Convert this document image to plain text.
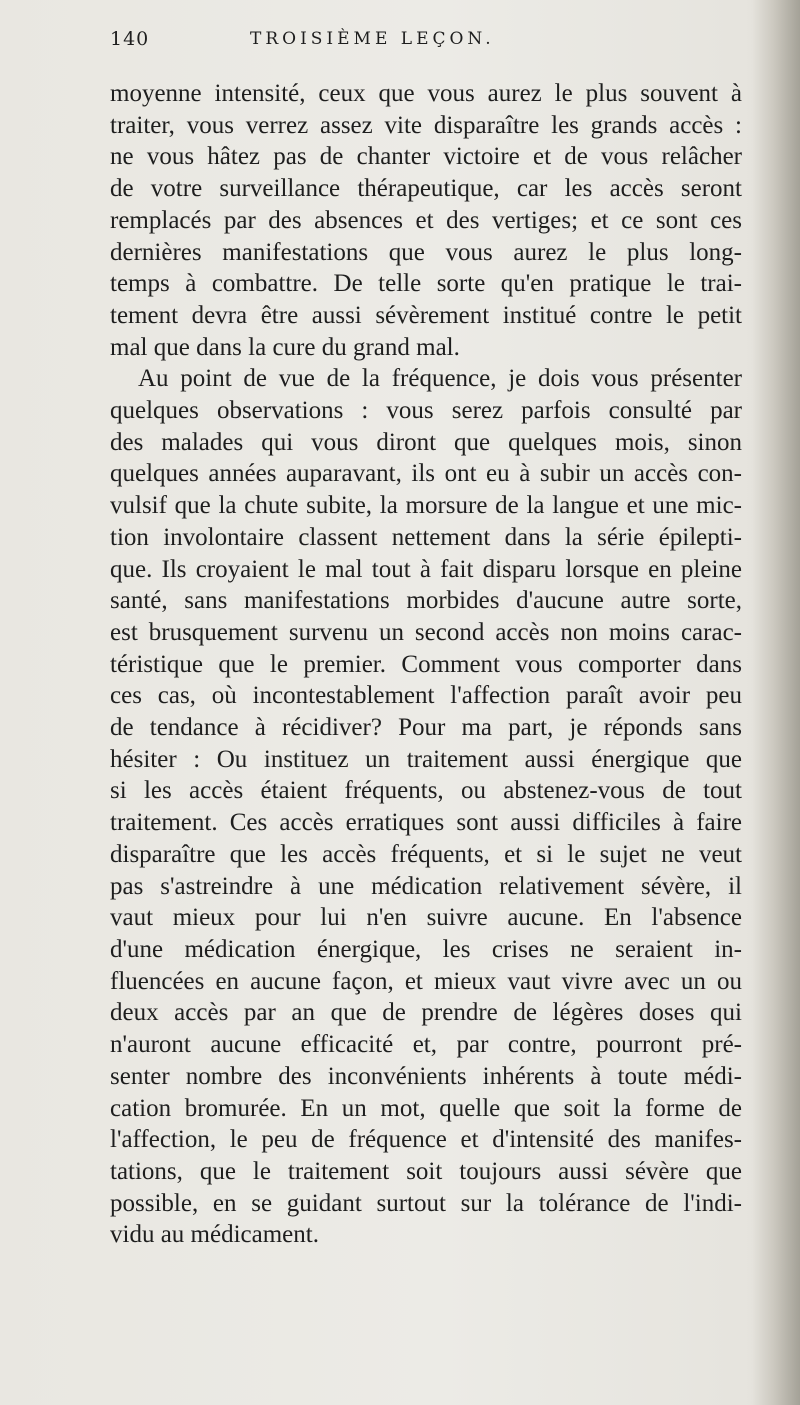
140	TROISIÈME LEÇON.
moyenne intensité, ceux que vous aurez le plus souvent à
traiter, vous verrez assez vite disparaître les grands accès :
ne vous hâtez pas de chanter victoire et de vous relâcher
de votre surveillance thérapeutique, car les accès seront
remplacés par des absences et des vertiges; et ce sont ces
dernières manifestations que vous aurez le plus long-
temps à combattre. De telle sorte qu'en pratique le trai-
tement devra être aussi sévèrement institué contre le petit
mal que dans la cure du grand mal.
Au point de vue de la fréquence, je dois vous présenter
quelques observations : vous serez parfois consulté par
des malades qui vous diront que quelques mois, sinon
quelques années auparavant, ils ont eu à subir un accès con-
vulsif que la chute subite, la morsure de la langue et une mic-
tion involontaire classent nettement dans la série épilepti-
que. Ils croyaient le mal tout à fait disparu lorsque en pleine
santé, sans manifestations morbides d'aucune autre sorte,
est brusquement survenu un second accès non moins carac-
téristique que le premier. Comment vous comporter dans
ces cas, où incontestablement l'affection paraît avoir peu
de tendance à récidiver? Pour ma part, je réponds sans
hésiter : Ou instituez un traitement aussi énergique que
si les accès étaient fréquents, ou abstenez-vous de tout
traitement. Ces accès erratiques sont aussi difficiles à faire
disparaître que les accès fréquents, et si le sujet ne veut
pas s'astreindre à une médication relativement sévère, il
vaut mieux pour lui n'en suivre aucune. En l'absence
d'une médication énergique, les crises ne seraient in-
fluencées en aucune façon, et mieux vaut vivre avec un ou
deux accès par an que de prendre de légères doses qui
n'auront aucune efficacité et, par contre, pourront pré-
senter nombre des inconvénients inhérents à toute médi-
cation bromurée. En un mot, quelle que soit la forme de
l'affection, le peu de fréquence et d'intensité des manifes-
tations, que le traitement soit toujours aussi sévère que
possible, en se guidant surtout sur la tolérance de l'indi-
vidu au médicament.
